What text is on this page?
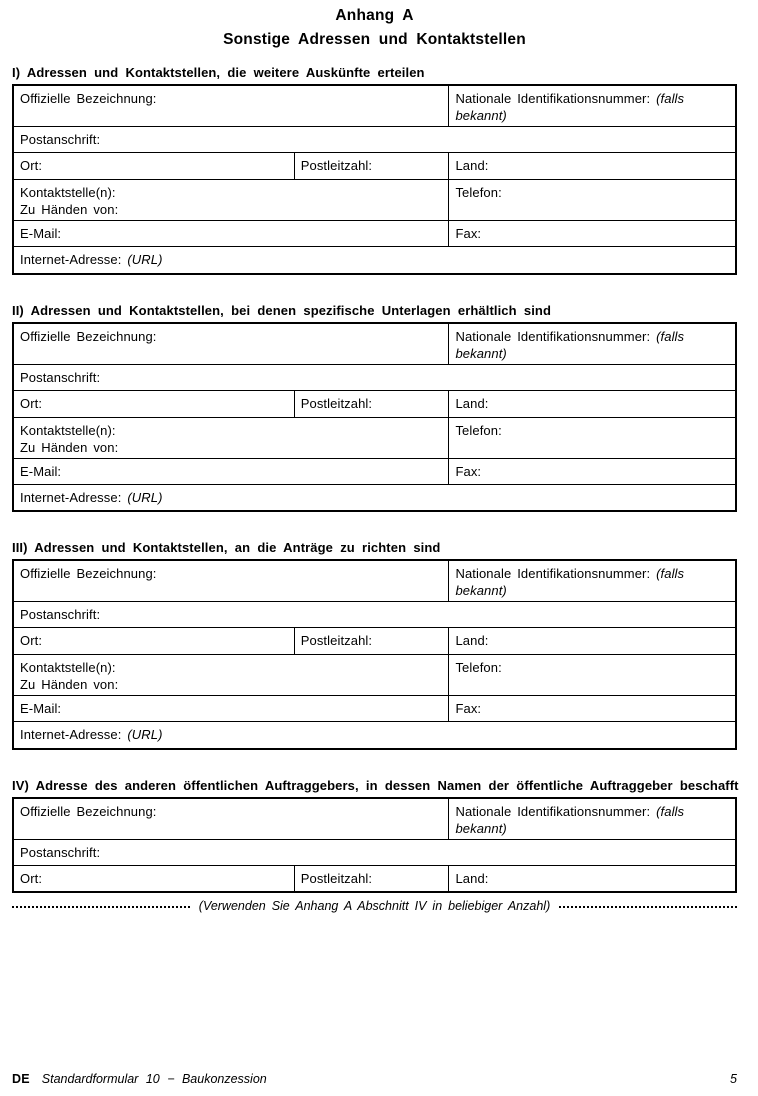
Anhang A
Sonstige Adressen und Kontaktstellen
I) Adressen und Kontaktstellen, die weitere Auskünfte erteilen
Offizielle Bezeichnung:		Nationale Identifikationsnummer: (falls bekannt)
Postanschrift:		
Ort:	Postleitzahl:	Land:

Kontaktstelle(n):
Zu Händen von:		Telefon:
E-Mail:		Fax:
Internet-Adresse: (URL)		
II) Adressen und Kontaktstellen, bei denen spezifische Unterlagen erhältlich sind
Offizielle Bezeichnung:		Nationale Identifikationsnummer: (falls bekannt)
Postanschrift:		
Ort:	Postleitzahl:	Land:

Kontaktstelle(n):
Zu Händen von:		Telefon:
E-Mail:		Fax:
Internet-Adresse: (URL)		
III) Adressen und Kontaktstellen, an die Anträge zu richten sind
Offizielle Bezeichnung:		Nationale Identifikationsnummer: (falls bekannt)
Postanschrift:		
Ort:	Postleitzahl:	Land:

Kontaktstelle(n):
Zu Händen von:		Telefon:
E-Mail:		Fax:
Internet-Adresse: (URL)		
IV) Adresse des anderen öffentlichen Auftraggebers, in dessen Namen der öffentliche Auftraggeber beschafft
Offizielle Bezeichnung:		Nationale Identifikationsnummer: (falls bekannt)
Postanschrift:		
Ort:	Postleitzahl:	Land:
(Verwenden Sie Anhang A Abschnitt IV in beliebiger Anzahl)
DE Standardformular 10 − Baukonzession	5
